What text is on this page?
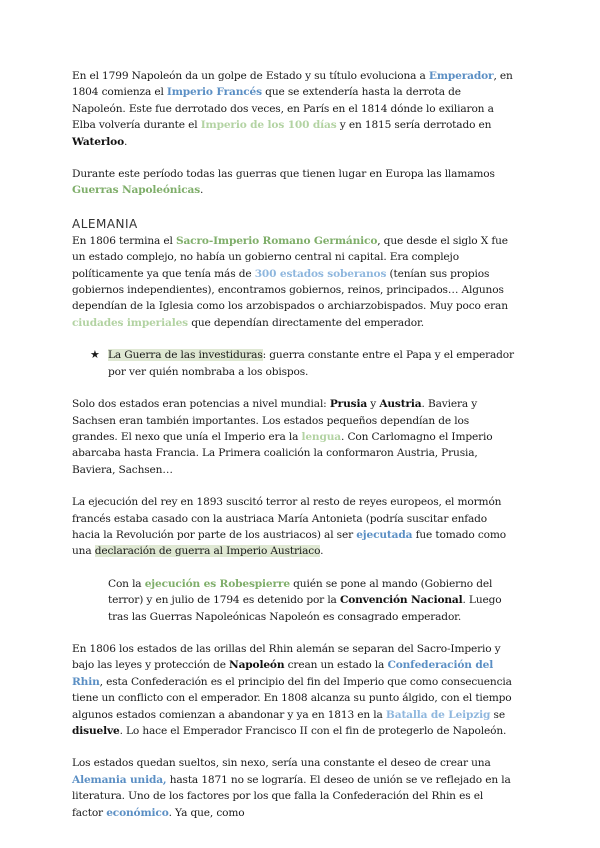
En el 1799 Napoleón da un golpe de Estado y su título evoluciona a Emperador, en 1804 comienza el Imperio Francés que se extendería hasta la derrota de Napoleón. Este fue derrotado dos veces, en París en el 1814 dónde lo exiliaron a Elba volvería durante el Imperio de los 100 días y en 1815 sería derrotado en Waterloo.

Durante este período todas las guerras que tienen lugar en Europa las llamamos Guerras Napoleónicas.

ALEMANIA

En 1806 termina el Sacro-Imperio Romano Germánico, que desde el siglo X fue un estado complejo, no había un gobierno central ni capital. Era complejo políticamente ya que tenía más de 300 estados soberanos (tenían sus propios gobiernos independientes), encontramos gobiernos, reinos, principados… Algunos dependían de la Iglesia como los arzobispados o archiarzobispados. Muy poco eran ciudades imperiales que dependían directamente del emperador.

★ La Guerra de las investiduras: guerra constante entre el Papa y el emperador por ver quién nombraba a los obispos.

Solo dos estados eran potencias a nivel mundial: Prusia y Austria. Baviera y Sachsen eran también importantes. Los estados pequeños dependían de los grandes. El nexo que unía el Imperio era la lengua. Con Carlomagno el Imperio abarcaba hasta Francia. La Primera coalición la conformaron Austria, Prusia, Baviera, Sachsen…

La ejecución del rey en 1893 suscitó terror al resto de reyes europeos, el mormón francés estaba casado con la austriaca María Antonieta (podría suscitar enfado hacia la Revolución por parte de los austriacos) al ser ejecutada fue tomado como una declaración de guerra al Imperio Austriaco.

Con la ejecución es Robespierre quién se pone al mando (Gobierno del terror) y en julio de 1794 es detenido por la Convención Nacional. Luego tras las Guerras Napoleónicas Napoleón es consagrado emperador.

En 1806 los estados de las orillas del Rhin alemán se separan del Sacro-Imperio y bajo las leyes y protección de Napoleón crean un estado la Confederación del Rhin, esta Confederación es el principio del fin del Imperio que como consecuencia tiene un conflicto con el emperador. En 1808 alcanza su punto álgido, con el tiempo algunos estados comienzan a abandonar y ya en 1813 en la Batalla de Leipzig se disuelve. Lo hace el Emperador Francisco II con el fin de protegerlo de Napoleón.

Los estados quedan sueltos, sin nexo, sería una constante el deseo de crear una Alemania unida, hasta 1871 no se lograría. El deseo de unión se ve reflejado en la literatura. Uno de los factores por los que falla la Confederación del Rhin es el factor económico. Ya que, como
